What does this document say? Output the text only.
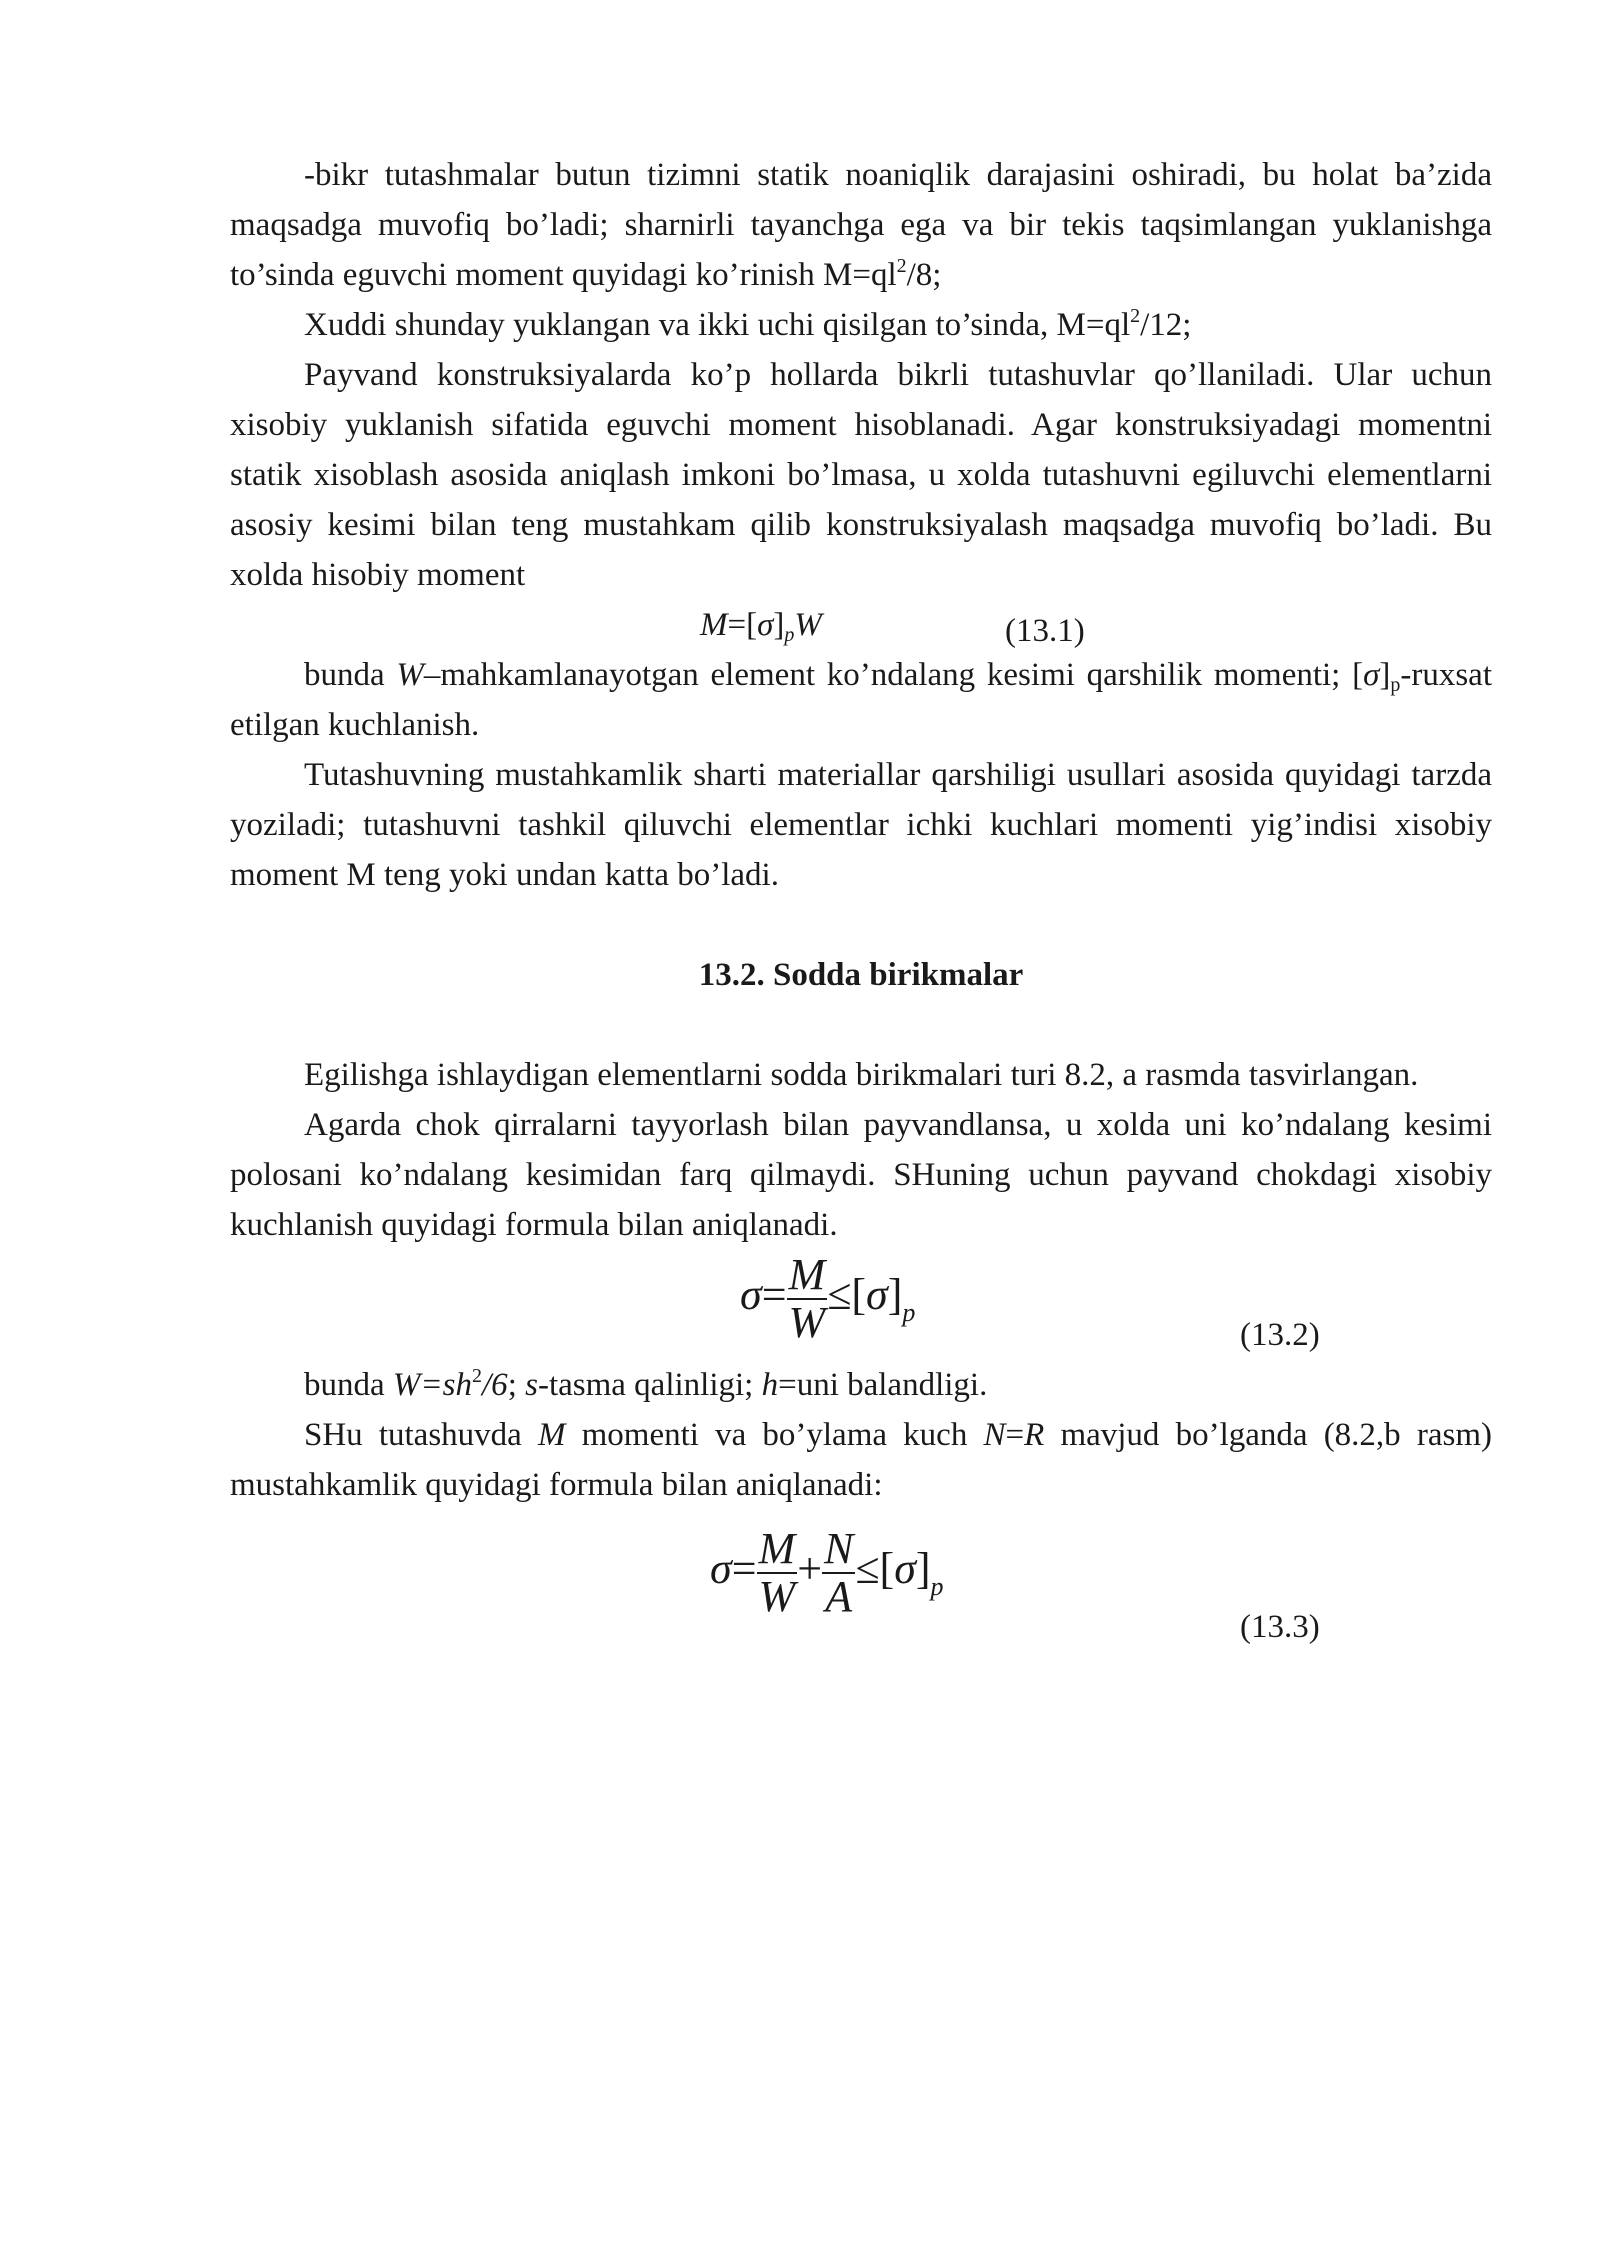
-bikr tutashmalar butun tizimni statik noaniqlik darajasini oshiradi, bu holat ba’zida maqsadga muvofiq bo’ladi; sharnirli tayanchga ega va bir tekis taqsimlangan yuklanishga to’sinda eguvchi moment quyidagi ko’rinish $M=ql^2/8$;

Xuddi shunday yuklangan va ikki uchi qisilgan to’sinda, $M=ql^2/12$;

Payvand konstruksiyalarda ko’p hollarda bikrli tutashuvlar qo’llaniladi. Ular uchun xisobiy yuklanish sifatida eguvchi moment hisoblanadi. Agar konstruksiyadagi momentni statik xisoblash asosida aniqlash imkoni bo’lmasa, u xolda tutashuvni egiluvchi elementlarni asosiy kesimi bilan teng mustahkam qilib konstruksiyalash maqsadga muvofiq bo’ladi. Bu xolda hisobiy moment

$M=[\sigma]_pW$	(13.1)

bunda W–mahkamlanayotgan element ko’ndalang kesimi qarshilik momenti; $[\sigma]_p$-ruxsat etilgan kuchlanish.

Tutashuvning mustahkamlik sharti materiallar qarshiligi usullari asosida quyidagi tarzda yoziladi; tutashuvni tashkil qiluvchi elementlar ichki kuchlari momenti yig’indisi xisobiy moment M teng yoki undan katta bo’ladi.

13.2. Sodda birikmalar

Egilishga ishlaydigan elementlarni sodda birikmalari turi 8.2, a rasmda tasvirlangan.

Agarda chok qirralarni tayyorlash bilan payvandlansa, u xolda uni ko’ndalang kesimi polosani ko’ndalang kesimidan farq qilmaydi. SHuning uchun payvand chokdagi xisobiy kuchlanish quyidagi formula bilan aniqlanadi.

$\sigma= \frac{M}{W} \le[\sigma]_p$
(13.2)

bunda $W=sh^2/6$; s-tasma qalinligi; h=uni balandligi.

SHu tutashuvda M momenti va bo’ylama kuch N=R mavjud bo’lganda (8.2,b rasm) mustahkamlik quyidagi formula bilan aniqlanadi:

$\sigma= \frac{M}{W} + \frac{N}{A} \le[\sigma]_p$
(13.3)
